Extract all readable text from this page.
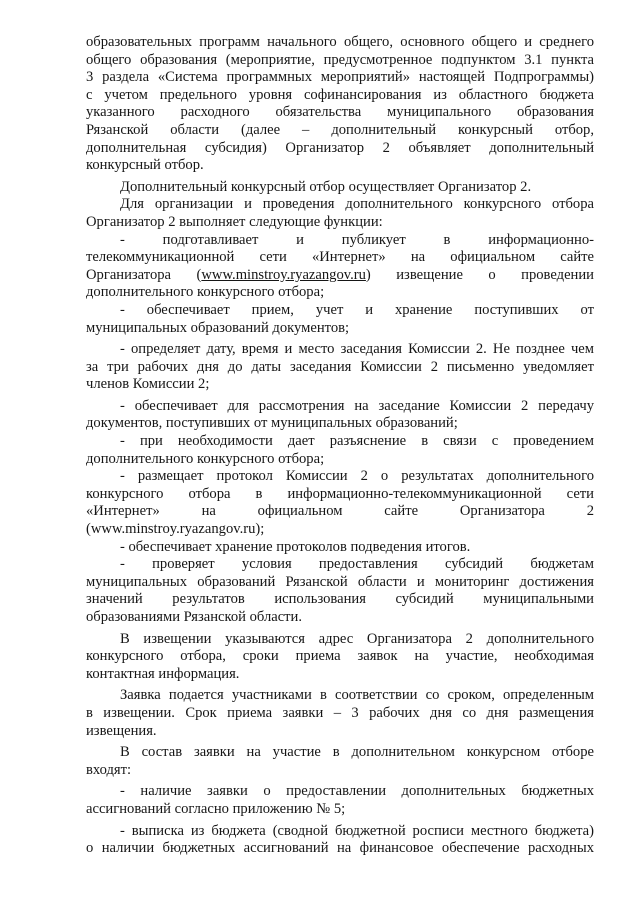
образовательных программ начального общего, основного общего и среднего
общего образования (мероприятие, предусмотренное подпунктом 3.1 пункта
3 раздела «Система программных мероприятий» настоящей Подпрограммы)
с учетом предельного уровня софинансирования из областного бюджета
указанного расходного обязательства муниципального образования
Рязанской области (далее – дополнительный конкурсный отбор,
дополнительная субсидия) Организатор 2 объявляет дополнительный
конкурсный отбор.
Дополнительный конкурсный отбор осуществляет Организатор 2.
Для организации и проведения дополнительного конкурсного отбора
Организатор 2 выполняет следующие функции:
- подготавливает и публикует в информационно-
телекоммуникационной сети «Интернет» на официальном сайте
Организатора (www.minstroy.ryazangov.ru) извещение о проведении
дополнительного конкурсного отбора;
- обеспечивает прием, учет и хранение поступивших от
муниципальных образований документов;
- определяет дату, время и место заседания Комиссии 2. Не позднее чем
за три рабочих дня до даты заседания Комиссии 2 письменно уведомляет
членов Комиссии 2;
- обеспечивает для рассмотрения на заседание Комиссии 2 передачу
документов, поступивших от муниципальных образований;
- при необходимости дает разъяснение в связи с проведением
дополнительного конкурсного отбора;
- размещает протокол Комиссии 2 о результатах дополнительного
конкурсного отбора в информационно-телекоммуникационной сети
«Интернет» на официальном сайте Организатора 2
(www.minstroy.ryazangov.ru);
- обеспечивает хранение протоколов подведения итогов.
- проверяет условия предоставления субсидий бюджетам
муниципальных образований Рязанской области и мониторинг достижения
значений результатов использования субсидий муниципальными
образованиями Рязанской области.
В извещении указываются адрес Организатора 2 дополнительного
конкурсного отбора, сроки приема заявок на участие, необходимая
контактная информация.
Заявка подается участниками в соответствии со сроком, определенным
в извещении. Срок приема заявки – 3 рабочих дня со дня размещения
извещения.
В состав заявки на участие в дополнительном конкурсном отборе
входят:
- наличие заявки о предоставлении дополнительных бюджетных
ассигнований согласно приложению № 5;
- выписка из бюджета (сводной бюджетной росписи местного бюджета)
о наличии бюджетных ассигнований на финансовое обеспечение расходных
